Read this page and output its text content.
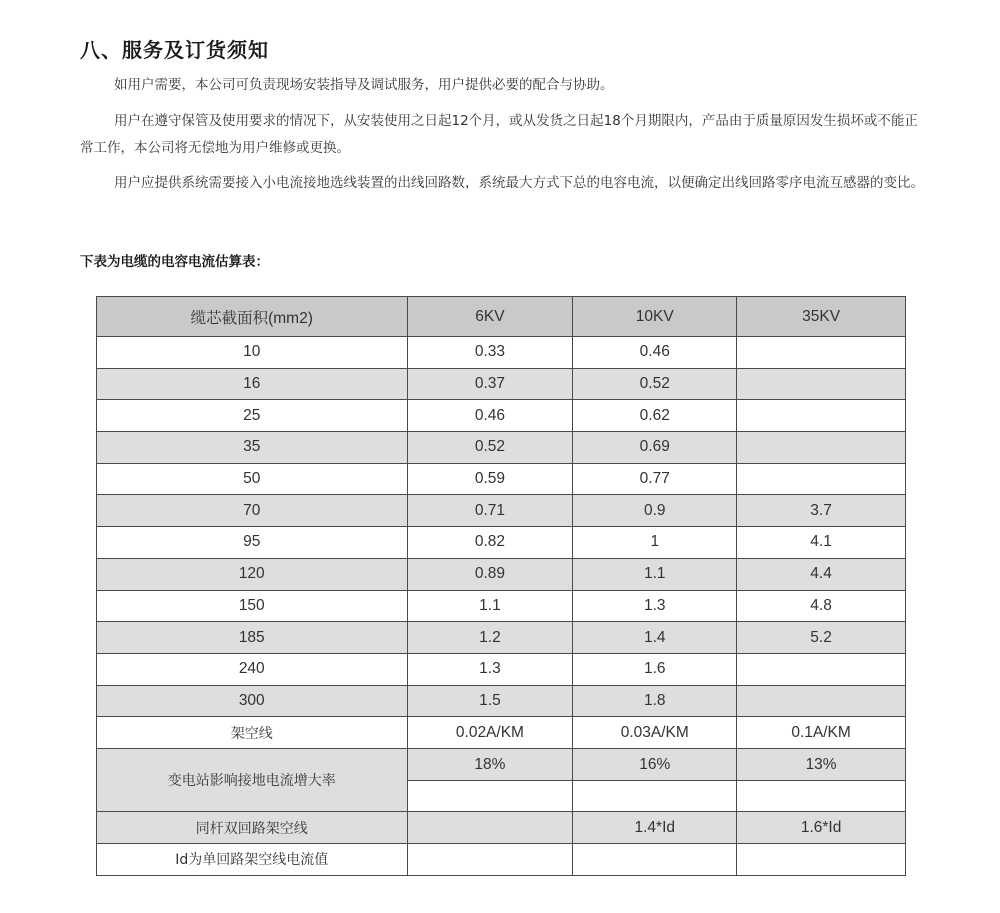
八、服务及订货须知

如用户需要，本公司可负责现场安装指导及调试服务，用户提供必要的配合与协助。

用户在遵守保管及使用要求的情况下，从安装使用之日起12个月，或从发货之日起18个月期限内，产品由于质量原因发生损坏或不能正常工作，本公司将无偿地为用户维修或更换。

用户应提供系统需要接入小电流接地选线装置的出线回路数，系统最大方式下总的电容电流，以便确定出线回路零序电流互感器的变比。

下表为电缆的电容电流估算表：
缆芯截面积(mm2)	6KV	10KV	35KV
10	0.33	0.46	
16	0.37	0.52	
25	0.46	0.62	
35	0.52	0.69	
50	0.59	0.77	
70	0.71	0.9	3.7
95	0.82	1	4.1
120	0.89	1.1	4.4
150	1.1	1.3	4.8
185	1.2	1.4	5.2
240	1.3	1.6	
300	1.5	1.8	
架空线	0.02A/KM	0.03A/KM	0.1A/KM
变电站影响接地电流增大率	18%	16%	13%

同杆双回路架空线		1.4*Id	1.6*Id
Id为单回路架空线电流值			
